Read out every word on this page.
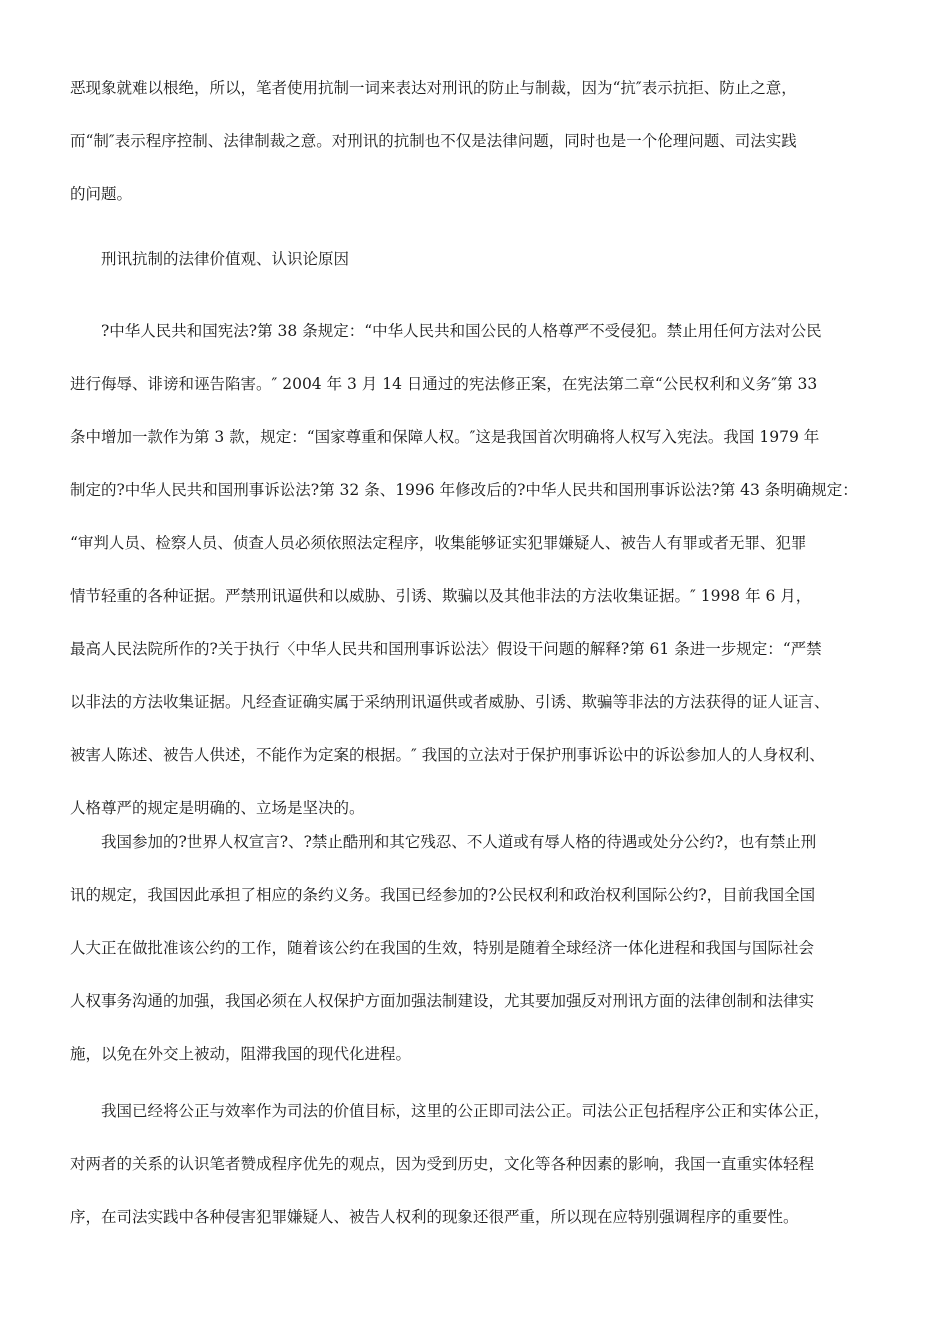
恶现象就难以根绝，所以，笔者使用抗制一词来表达对刑讯的防止与制裁，因为“抗″表示抗拒、防止之意，
而“制″表示程序控制、法律制裁之意。对刑讯的抗制也不仅是法律问题，同时也是一个伦理问题、司法实践
的问题。
刑讯抗制的法律价值观、认识论原因
?中华人民共和国宪法?第 38 条规定：“中华人民共和国公民的人格尊严不受侵犯。禁止用任何方法对公民
进行侮辱、诽谤和诬告陷害。″ 2004 年 3 月 14 日通过的宪法修正案，在宪法第二章“公民权利和义务″第 33
条中增加一款作为第 3 款，规定：“国家尊重和保障人权。″这是我国首次明确将人权写入宪法。我国 1979 年
制定的?中华人民共和国刑事诉讼法?第 32 条、1996 年修改后的?中华人民共和国刑事诉讼法?第 43 条明确规定：
“审判人员、检察人员、侦查人员必须依照法定程序，收集能够证实犯罪嫌疑人、被告人有罪或者无罪、犯罪
情节轻重的各种证据。严禁刑讯逼供和以威胁、引诱、欺骗以及其他非法的方法收集证据。″ 1998 年 6 月，
最高人民法院所作的?关于执行〈中华人民共和国刑事诉讼法〉假设干问题的解释?第 61 条进一步规定：“严禁
以非法的方法收集证据。凡经查证确实属于采纳刑讯逼供或者威胁、引诱、欺骗等非法的方法获得的证人证言、
被害人陈述、被告人供述，不能作为定案的根据。″ 我国的立法对于保护刑事诉讼中的诉讼参加人的人身权利、
人格尊严的规定是明确的、立场是坚决的。
我国参加的?世界人权宣言?、?禁止酷刑和其它残忍、不人道或有辱人格的待遇或处分公约?，也有禁止刑
讯的规定，我国因此承担了相应的条约义务。我国已经参加的?公民权利和政治权利国际公约?，目前我国全国
人大正在做批准该公约的工作，随着该公约在我国的生效，特别是随着全球经济一体化进程和我国与国际社会
人权事务沟通的加强，我国必须在人权保护方面加强法制建设，尤其要加强反对刑讯方面的法律创制和法律实
施，以免在外交上被动，阻滞我国的现代化进程。
我国已经将公正与效率作为司法的价值目标，这里的公正即司法公正。司法公正包括程序公正和实体公正，
对两者的关系的认识笔者赞成程序优先的观点，因为受到历史，文化等各种因素的影响，我国一直重实体轻程
序，在司法实践中各种侵害犯罪嫌疑人、被告人权利的现象还很严重，所以现在应特别强调程序的重要性。
